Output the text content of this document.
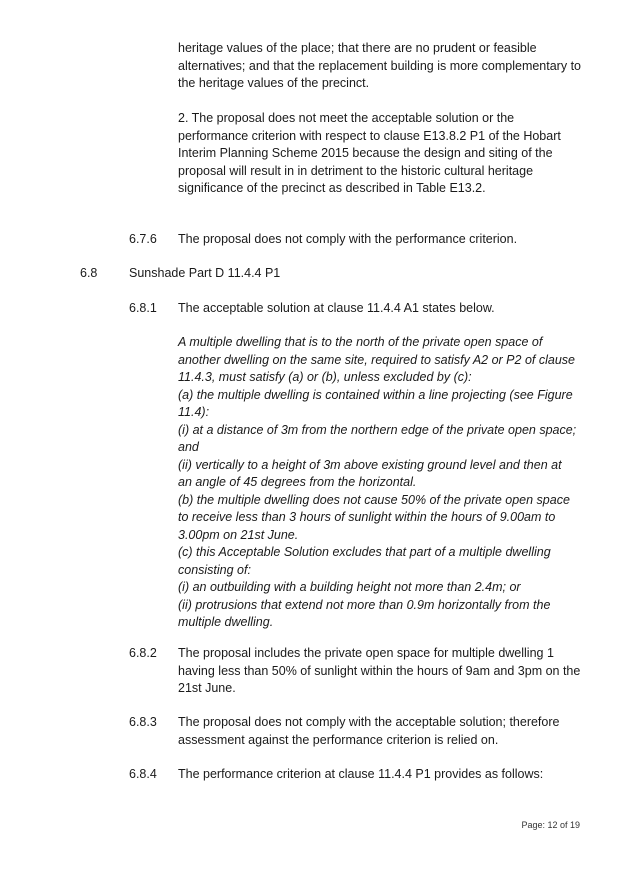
heritage values of the place; that there are no prudent or feasible
alternatives; and that the replacement building is more complementary to
the heritage values of the precinct.
2. The proposal does not meet the acceptable solution or the
performance criterion with respect to clause E13.8.2 P1 of the Hobart
Interim Planning Scheme 2015 because the design and siting of the
proposal will result in in detriment to the historic cultural heritage
significance of the precinct as described in Table E13.2.

6.7.6 The proposal does not comply with the performance criterion.

6.8	Sunshade Part D 11.4.4 P1

6.8.1 The acceptable solution at clause 11.4.4 A1 states below.

A multiple dwelling that is to the north of the private open space of
another dwelling on the same site, required to satisfy A2 or P2 of clause
11.4.3, must satisfy (a) or (b), unless excluded by (c):
(a) the multiple dwelling is contained within a line projecting (see Figure
11.4):
(i) at a distance of 3m from the northern edge of the private open space;
and
(ii) vertically to a height of 3m above existing ground level and then at
an angle of 45 degrees from the horizontal.
(b) the multiple dwelling does not cause 50% of the private open space
to receive less than 3 hours of sunlight within the hours of 9.00am to
3.00pm on 21st June.
(c) this Acceptable Solution excludes that part of a multiple dwelling
consisting of:
(i) an outbuilding with a building height not more than 2.4m; or
(ii) protrusions that extend not more than 0.9m horizontally from the
multiple dwelling.

6.8.2 The proposal includes the private open space for multiple dwelling 1
having less than 50% of sunlight within the hours of 9am and 3pm on the
21st June.

6.8.3 The proposal does not comply with the acceptable solution; therefore
assessment against the performance criterion is relied on.

6.8.4 The performance criterion at clause 11.4.4 P1 provides as follows:

Page: 12 of 19
